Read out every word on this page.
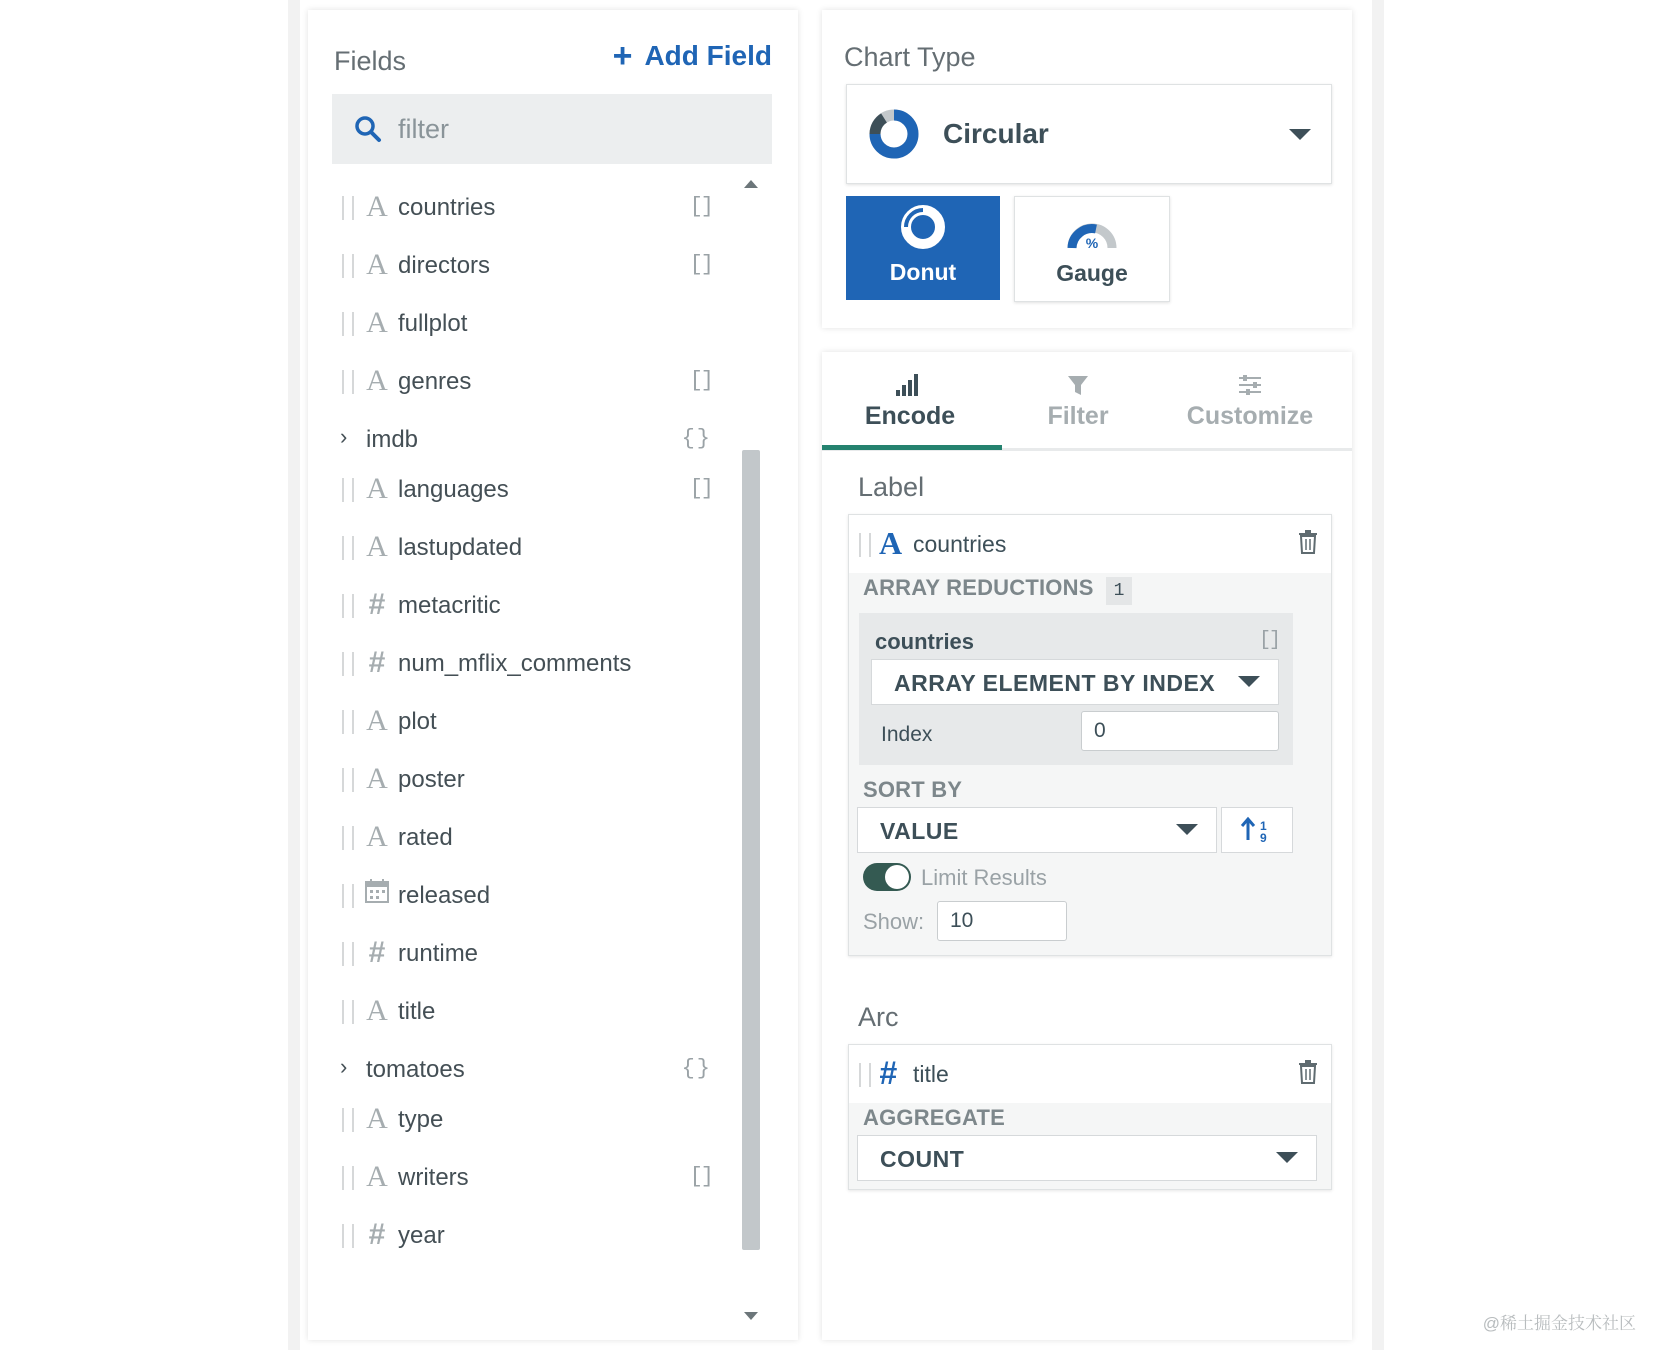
Fields	+ Add Field
filter
A countries	[]
A directors	[]
A fullplot
A genres	[]
› imdb	{}
A languages	[]
A lastupdated
# metacritic
# num_mflix_comments
A plot
A poster
A rated
released
# runtime
A title
› tomatoes	{}
A type
A writers	[]
# year
Chart Type
Circular
Donut
%
Gauge
Encode	Filter	Customize
Label
A countries
ARRAY REDUCTIONS 1
countries	[]
ARRAY ELEMENT BY INDEX
Index
0
SORT BY
VALUE	1
9
Limit Results
Show:
10
Arc
# title
AGGREGATE
COUNT
@稀土掘金技术社区
